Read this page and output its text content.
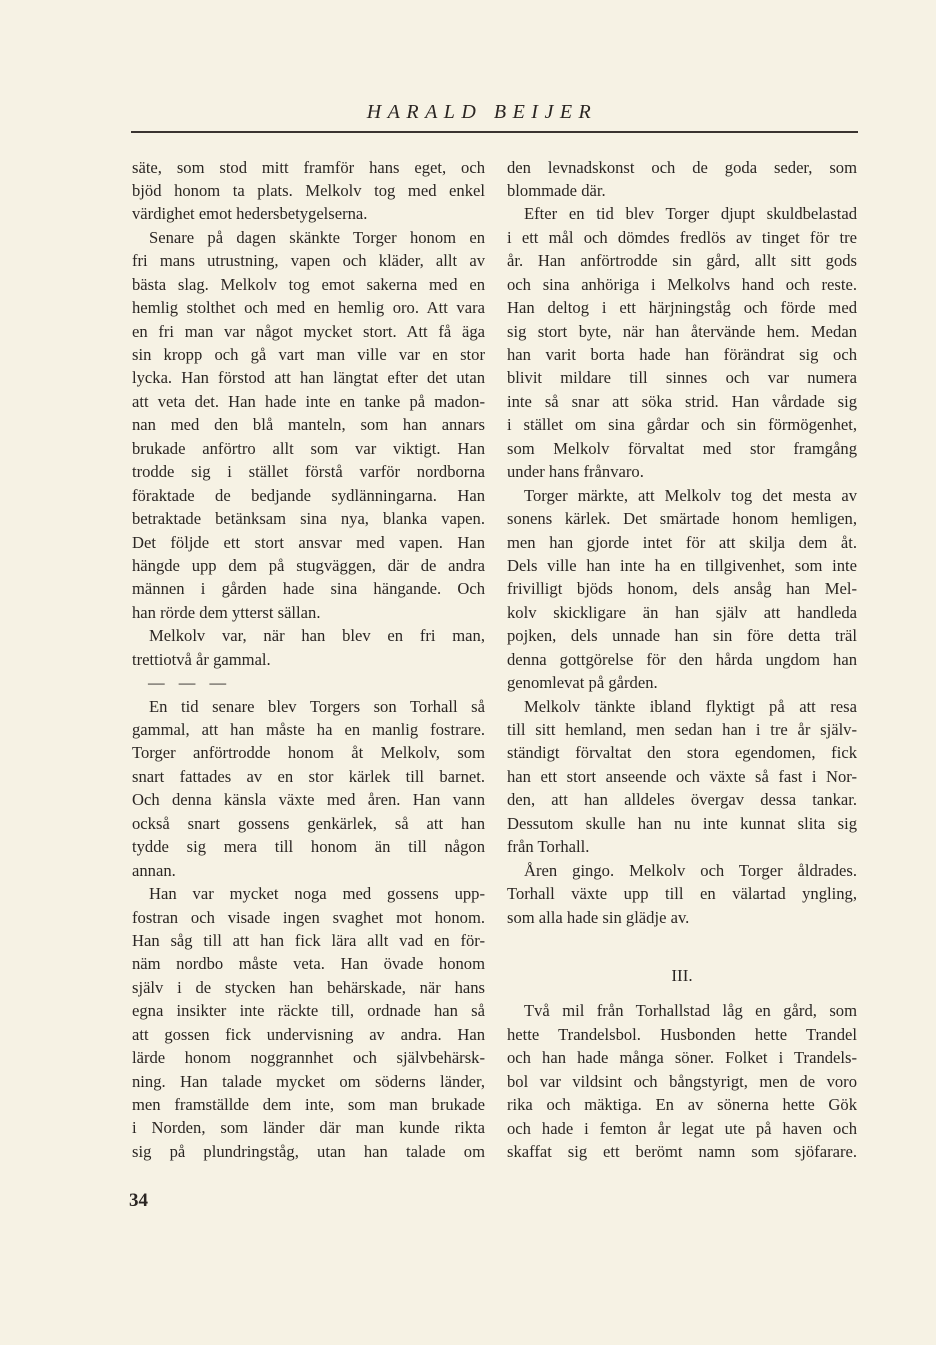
HARALD BEIJER
säte, som stod mitt framför hans eget, och
bjöd honom ta plats. Melkolv tog med enkel
värdighet emot hedersbetygelserna.
Senare på dagen skänkte Torger honom en
fri mans utrustning, vapen och kläder, allt av
bästa slag. Melkolv tog emot sakerna med en
hemlig stolthet och med en hemlig oro. Att vara
en fri man var något mycket stort. Att få äga
sin kropp och gå vart man ville var en stor
lycka. Han förstod att han längtat efter det utan
att veta det. Han hade inte en tanke på madon-
nan med den blå manteln, som han annars
brukade anförtro allt som var viktigt. Han
trodde sig i stället förstå varför nordborna
föraktade de bedjande sydlänningarna. Han
betraktade betänksam sina nya, blanka vapen.
Det följde ett stort ansvar med vapen. Han
hängde upp dem på stugväggen, där de andra
männen i gården hade sina hängande. Och
han rörde dem ytterst sällan.
Melkolv var, när han blev en fri man,
trettiotvå år gammal.
— — —
En tid senare blev Torgers son Torhall så
gammal, att han måste ha en manlig fostrare.
Torger anförtrodde honom åt Melkolv, som
snart fattades av en stor kärlek till barnet.
Och denna känsla växte med åren. Han vann
också snart gossens genkärlek, så att han
tydde sig mera till honom än till någon
annan.
Han var mycket noga med gossens upp-
fostran och visade ingen svaghet mot honom.
Han såg till att han fick lära allt vad en för-
näm nordbo måste veta. Han övade honom
själv i de stycken han behärskade, när hans
egna insikter inte räckte till, ordnade han så
att gossen fick undervisning av andra. Han
lärde honom noggrannhet och självbehärsk-
ning. Han talade mycket om söderns länder,
men framställde dem inte, som man brukade
i Norden, som länder där man kunde rikta
sig på plundringståg, utan han talade om
den levnadskonst och de goda seder, som
blommade där.
Efter en tid blev Torger djupt skuldbelastad
i ett mål och dömdes fredlös av tinget för tre
år. Han anförtrodde sin gård, allt sitt gods
och sina anhöriga i Melkolvs hand och reste.
Han deltog i ett härjningståg och förde med
sig stort byte, när han återvände hem. Medan
han varit borta hade han förändrat sig och
blivit mildare till sinnes och var numera
inte så snar att söka strid. Han vårdade sig
i stället om sina gårdar och sin förmögenhet,
som Melkolv förvaltat med stor framgång
under hans frånvaro.
Torger märkte, att Melkolv tog det mesta av
sonens kärlek. Det smärtade honom hemligen,
men han gjorde intet för att skilja dem åt.
Dels ville han inte ha en tillgivenhet, som inte
frivilligt bjöds honom, dels ansåg han Mel-
kolv skickligare än han själv att handleda
pojken, dels unnade han sin före detta träl
denna gottgörelse för den hårda ungdom han
genomlevat på gården.
Melkolv tänkte ibland flyktigt på att resa
till sitt hemland, men sedan han i tre år själv-
ständigt förvaltat den stora egendomen, fick
han ett stort anseende och växte så fast i Nor-
den, att han alldeles övergav dessa tankar.
Dessutom skulle han nu inte kunnat slita sig
från Torhall.
Åren gingo. Melkolv och Torger åldrades.
Torhall växte upp till en välartad yngling,
som alla hade sin glädje av.
III.
Två mil från Torhallstad låg en gård, som
hette Trandelsbol. Husbonden hette Trandel
och han hade många söner. Folket i Trandels-
bol var vildsint och bångstyrigt, men de voro
rika och mäktiga. En av sönerna hette Gök
och hade i femton år legat ute på haven och
skaffat sig ett berömt namn som sjöfarare.
34
